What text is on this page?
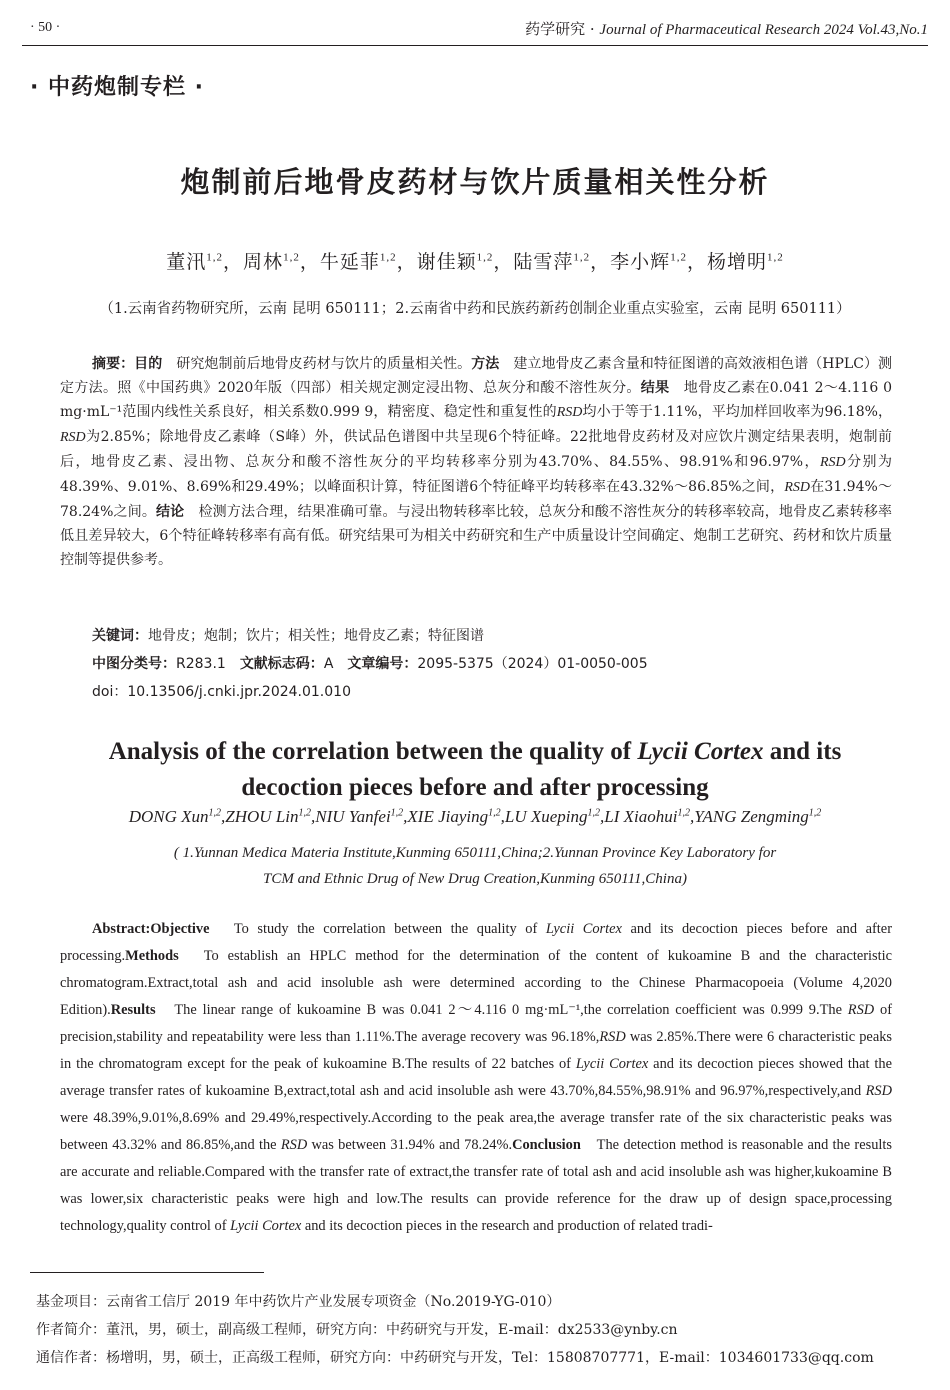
· 50 ·	药学研究 · Journal of Pharmaceutical Research 2024 Vol.43,No.1
· 中药炮制专栏 ·
炮制前后地骨皮药材与饮片质量相关性分析
董汛$^{1,2}$，周林$^{1,2}$，牛延菲$^{1,2}$，谢佳颖$^{1,2}$，陆雪萍$^{1,2}$，李小辉$^{1,2}$，杨增明$^{1,2}$
（1.云南省药物研究所，云南 昆明 650111；2.云南省中药和民族药新药创制企业重点实验室，云南 昆明 650111）
摘要：目的　 研究炮制前后地骨皮药材与饮片的质量相关性。方法　 建立地骨皮乙素含量和特征图谱的高效液相色谱（HPLC）测定方法。照《中国药典》2020年版（四部）相关规定测定浸出物、总灰分和酸不溶性灰分。结果　 地骨皮乙素在0.041 2～4.116 0 mg·mL⁻¹范围内线性关系良好，相关系数0.999 9，精密度、稳定性和重复性的RSD均小于等于1.11%，平均加样回收率为96.18%，RSD为2.85%；除地骨皮乙素峰（S峰）外，供试品色谱图中共呈现6个特征峰。22批地骨皮药材及对应饮片测定结果表明，炮制前后，地骨皮乙素、浸出物、总灰分和酸不溶性灰分的平均转移率分别为43.70%、84.55%、98.91%和96.97%，RSD分别为48.39%、9.01%、8.69%和29.49%；以峰面积计算，特征图谱6个特征峰平均转移率在43.32%～86.85%之间，RSD在31.94%～78.24%之间。结论　 检测方法合理，结果准确可靠。与浸出物转移率比较，总灰分和酸不溶性灰分的转移率较高，地骨皮乙素转移率低且差异较大，6个特征峰转移率有高有低。研究结果可为相关中药研究和生产中质量设计空间确定、炮制工艺研究、药材和饮片质量控制等提供参考。
关键词：地骨皮；炮制；饮片；相关性；地骨皮乙素；特征图谱
中图分类号：R283.1　 文献标志码：A　 文章编号：2095-5375（2024）01-0050-005
doi：10.13506/j.cnki.jpr.2024.01.010
Analysis of the correlation between the quality of Lycii Cortex and its
decoction pieces before and after processing
DONG Xun$^{1,2}$,ZHOU Lin$^{1,2}$,NIU Yanfei$^{1,2}$,XIE Jiaying$^{1,2}$,LU Xueping$^{1,2}$,LI Xiaohui$^{1,2}$,YANG Zengming$^{1,2}$
( 1.Yunnan Medica Materia Institute,Kunming 650111,China;2.Yunnan Province Key Laboratory for
TCM and Ethnic Drug of New Drug Creation,Kunming 650111,China)
Abstract:Objective　 To study the correlation between the quality of Lycii Cortex and its decoction pieces before and after processing.Methods　 To establish an HPLC method for the determination of the content of kukoamine B and the characteristic chromatogram.Extract,total ash and acid insoluble ash were determined according to the Chinese Pharmacopoeia (Volume 4,2020 Edition).Results　 The linear range of kukoamine B was 0.041 2～4.116 0 mg·mL⁻¹,the correlation coefficient was 0.999 9.The RSD of precision,stability and repeatability were less than 1.11%.The average recovery was 96.18%,RSD was 2.85%.There were 6 characteristic peaks in the chromatogram except for the peak of kukoamine B.The results of 22 batches of Lycii Cortex and its decoction pieces showed that the average transfer rates of kukoamine B,extract,total ash and acid insoluble ash were 43.70%,84.55%,98.91% and 96.97%,respectively,and RSD were 48.39%,9.01%,8.69% and 29.49%,respectively.According to the peak area,the average transfer rate of the six characteristic peaks was between 43.32% and 86.85%,and the RSD was between 31.94% and 78.24%.Conclusion　 The detection method is reasonable and the results are accurate and reliable.Compared with the transfer rate of extract,the transfer rate of total ash and acid insoluble ash was higher,kukoamine B was lower,six characteristic peaks were high and low.The results can provide reference for the draw up of design space,processing technology,quality control of Lycii Cortex and its decoction pieces in the research and production of related tradi-
基金项目：云南省工信厅 2019 年中药饮片产业发展专项资金（No.2019-YG-010）
作者简介：董汛，男，硕士，副高级工程师，研究方向：中药研究与开发，E-mail：dx2533@ynby.cn
通信作者：杨增明，男，硕士，正高级工程师，研究方向：中药研究与开发，Tel：15808707771，E-mail：1034601733@qq.com
